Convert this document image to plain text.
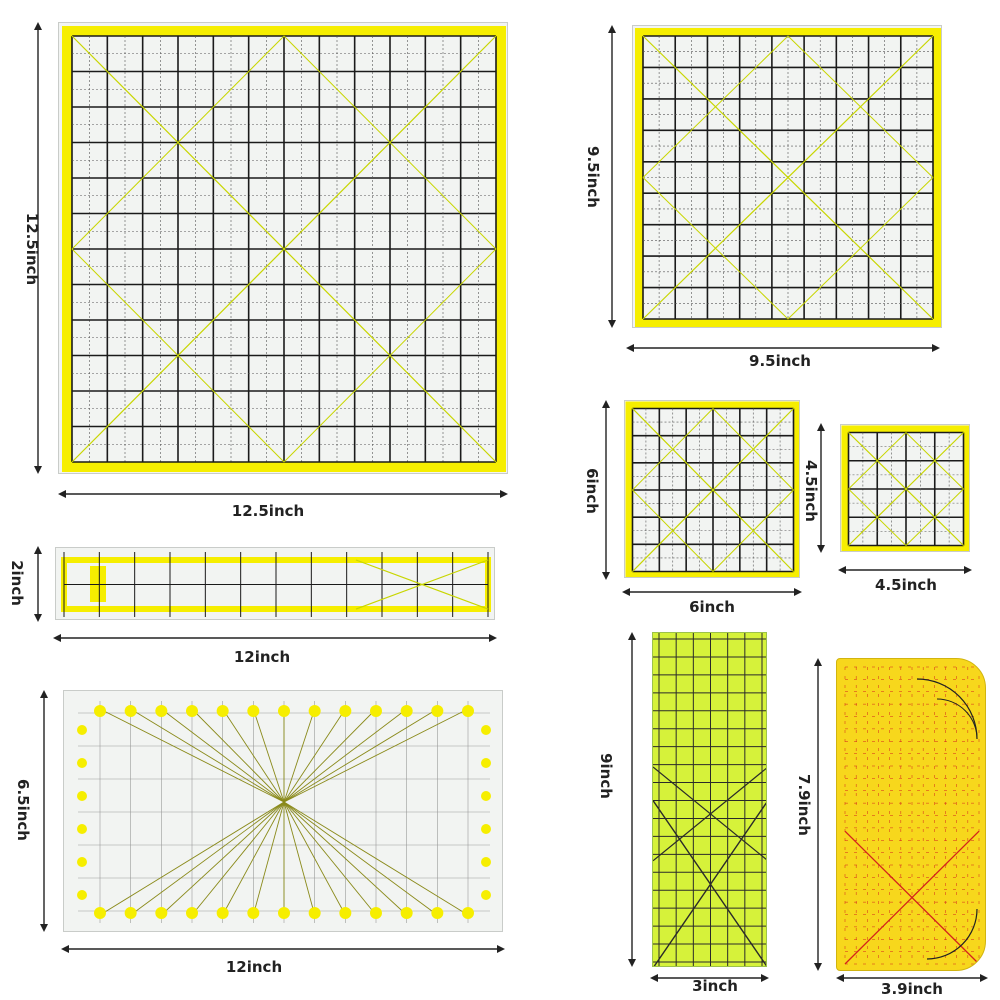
12.5inch
12.5inch
9.5inch
9.5inch
6inch
6inch
4.5inch
4.5inch
2inch
12inch
6.5inch
12inch
9inch
3inch
7.9inch
3.9inch
